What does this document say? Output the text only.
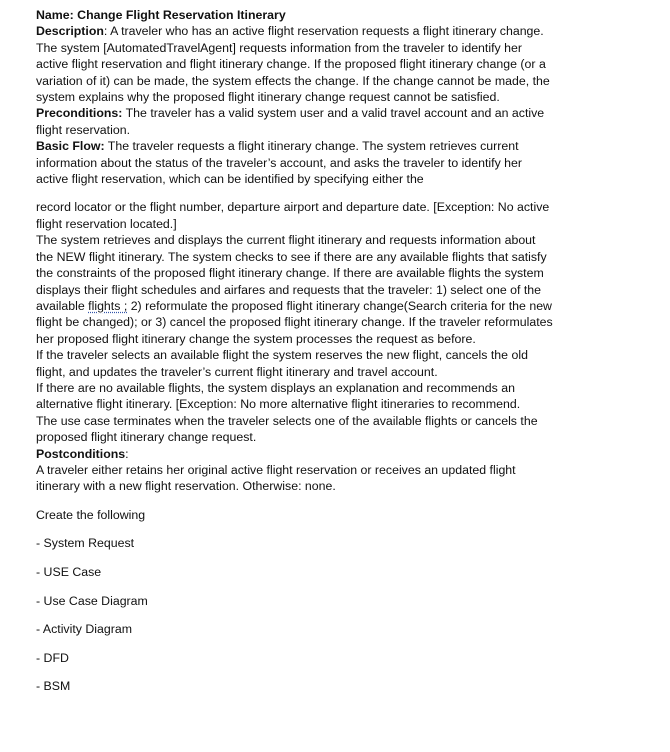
Name: Change Flight Reservation Itinerary

Description: A traveler who has an active flight reservation requests a flight itinerary change. The system [AutomatedTravelAgent] requests information from the traveler to identify her active flight reservation and flight itinerary change. If the proposed flight itinerary change (or a variation of it) can be made, the system effects the change. If the change cannot be made, the system explains why the proposed flight itinerary change request cannot be satisfied.

Preconditions: The traveler has a valid system user and a valid travel account and an active flight reservation.

Basic Flow: The traveler requests a flight itinerary change. The system retrieves current information about the status of the traveler’s account, and asks the traveler to identify her active flight reservation, which can be identified by specifying either the

record locator or the flight number, departure airport and departure date. [Exception: No active flight reservation located.]

The system retrieves and displays the current flight itinerary and requests information about the NEW flight itinerary. The system checks to see if there are any available flights that satisfy the constraints of the proposed flight itinerary change. If there are available flights the system displays their flight schedules and airfares and requests that the traveler: 1) select one of the available flights ; 2) reformulate the proposed flight itinerary change(Search criteria for the new flight be changed); or 3) cancel the proposed flight itinerary change. If the traveler reformulates her proposed flight itinerary change the system processes the request as before.

If the traveler selects an available flight the system reserves the new flight, cancels the old flight, and updates the traveler’s current flight itinerary and travel account.

If there are no available flights, the system displays an explanation and recommends an alternative flight itinerary. [Exception: No more alternative flight itineraries to recommend.

The use case terminates when the traveler selects one of the available flights or cancels the proposed flight itinerary change request.

Postconditions:

A traveler either retains her original active flight reservation or receives an updated flight itinerary with a new flight reservation. Otherwise: none.

Create the following

- System Request

- USE Case

- Use Case Diagram

- Activity Diagram

- DFD

- BSM
